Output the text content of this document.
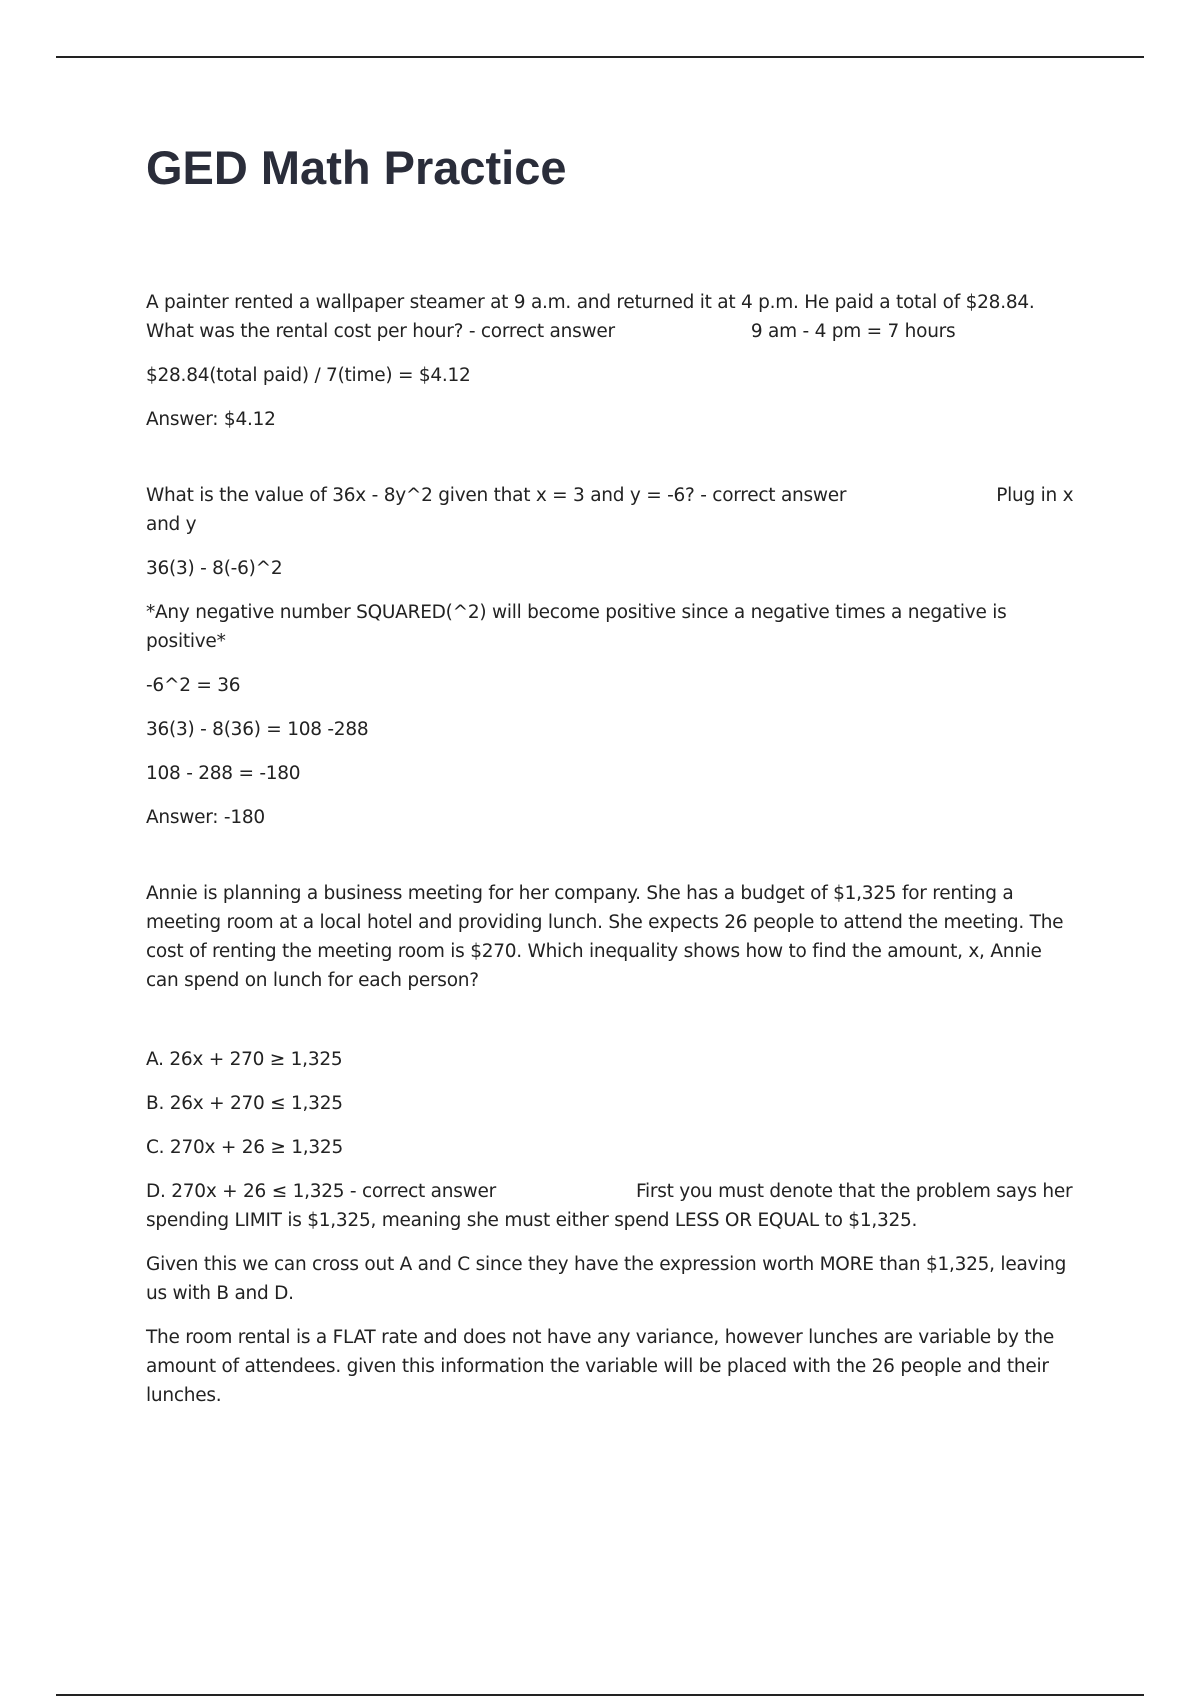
GED Math Practice

A painter rented a wallpaper steamer at 9 a.m. and returned it at 4 p.m. He paid a total of $28.84. What was the rental cost per hour? - correct answer	9 am - 4 pm = 7 hours

$28.84(total paid) / 7(time) = $4.12

Answer: $4.12

What is the value of 36x - 8y^2 given that x = 3 and y = -6? - correct answer	Plug in x and y

36(3) - 8(-6)^2

*Any negative number SQUARED(^2) will become positive since a negative times a negative is positive*

-6^2 = 36

36(3) - 8(36) = 108 -288

108 - 288 = -180

Answer: -180

Annie is planning a business meeting for her company. She has a budget of $1,325 for renting a meeting room at a local hotel and providing lunch. She expects 26 people to attend the meeting. The cost of renting the meeting room is $270. Which inequality shows how to find the amount, x, Annie can spend on lunch for each person?

A. 26x + 270 ≥ 1,325

B. 26x + 270 ≤ 1,325

C. 270x + 26 ≥ 1,325

D. 270x + 26 ≤ 1,325 - correct answer	First you must denote that the problem says her spending LIMIT is $1,325, meaning she must either spend LESS OR EQUAL to $1,325.

Given this we can cross out A and C since they have the expression worth MORE than $1,325, leaving us with B and D.

The room rental is a FLAT rate and does not have any variance, however lunches are variable by the amount of attendees. given this information the variable will be placed with the 26 people and their lunches.
